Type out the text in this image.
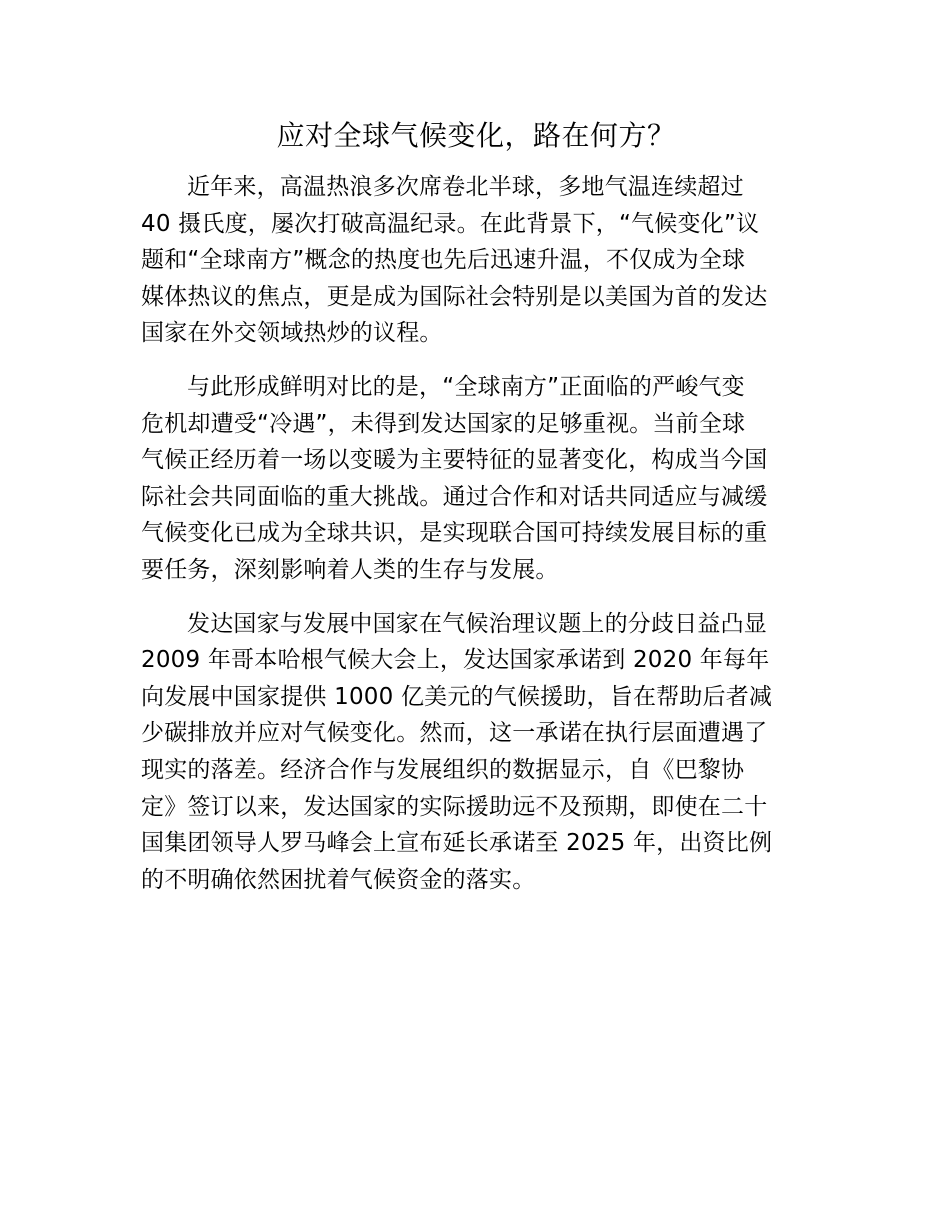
应对全球气候变化，路在何方？

近年来，高温热浪多次席卷北半球，多地气温连续超过
40 摄氏度，屡次打破高温纪录。在此背景下，“气候变化”议
题和“全球南方”概念的热度也先后迅速升温，不仅成为全球
媒体热议的焦点，更是成为国际社会特别是以美国为首的发达
国家在外交领域热炒的议程。

与此形成鲜明对比的是，“全球南方”正面临的严峻气变
危机却遭受“冷遇”，未得到发达国家的足够重视。当前全球
气候正经历着一场以变暖为主要特征的显著变化，构成当今国
际社会共同面临的重大挑战。通过合作和对话共同适应与减缓
气候变化已成为全球共识，是实现联合国可持续发展目标的重
要任务，深刻影响着人类的生存与发展。

发达国家与发展中国家在气候治理议题上的分歧日益凸显
2009 年哥本哈根气候大会上，发达国家承诺到 2020 年每年
向发展中国家提供 1000 亿美元的气候援助，旨在帮助后者减
少碳排放并应对气候变化。然而，这一承诺在执行层面遭遇了
现实的落差。经济合作与发展组织的数据显示，自《巴黎协
定》签订以来，发达国家的实际援助远不及预期，即使在二十
国集团领导人罗马峰会上宣布延长承诺至 2025 年，出资比例
的不明确依然困扰着气候资金的落实。
